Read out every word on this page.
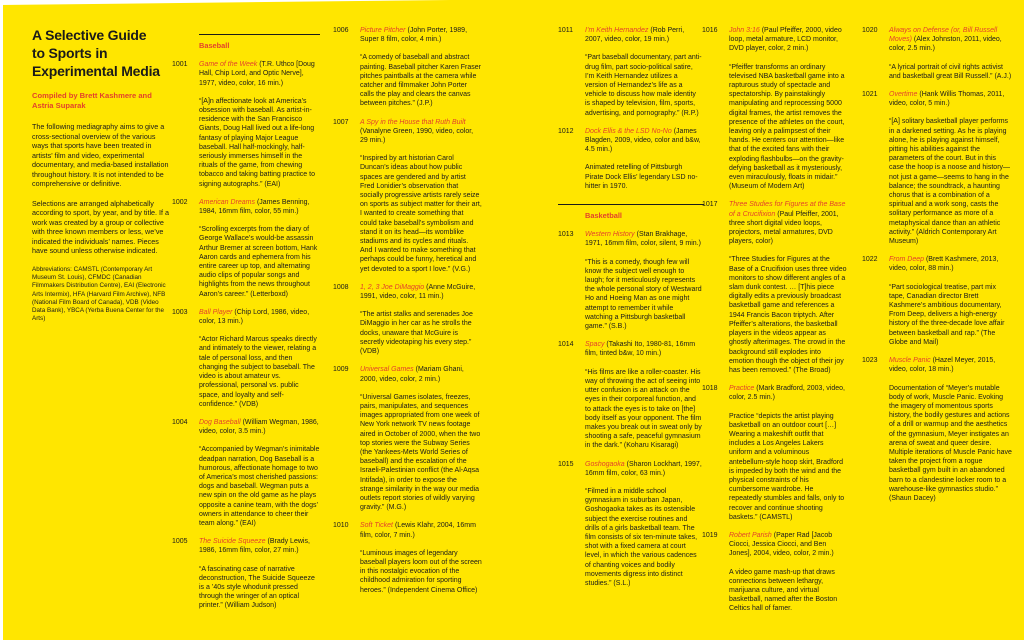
A Selective Guide
to Sports in
Experimental Media

Compiled by Brett Kashmere and Astria Suparak

The following mediagraphy aims to give a cross-sectional overview of the various ways that sports have been treated in artists’ film and video, experimental documentary, and media-based installation throughout history. It is not intended to be comprehensive or definitive.

Selections are arranged alphabetically according to sport, by year, and by title. If a work was created by a group or collective with three known members or less, we’ve indicated the individuals’ names. Pieces have sound unless otherwise indicated.

Abbreviations: CAMSTL (Contemporary Art Museum St. Louis), CFMDC (Canadian Filmmakers Distribution Centre), EAI (Electronic Arts Intermix), HFA (Harvard Film Archive), NFB (National Film Board of Canada), VDB (Video Data Bank), YBCA (Yerba Buena Center for the Arts)

Baseball
1001	Game of the Week (T.R. Uthco [Doug Hall, Chip Lord, and Optic Nerve], 1977, video, color, 16 min.)

“[A]n affectionate look at America’s obsession with baseball. As artist-in-residence with the San Francisco Giants, Doug Hall lived out a life-long fantasy of playing Major League baseball. Hall half-mockingly, half-seriously immerses himself in the rituals of the game, from chewing tobacco and taking batting practice to signing autographs.” (EAI)

1002	American Dreams (James Benning, 1984, 16mm film, color, 55 min.)

“Scrolling excerpts from the diary of George Wallace’s would-be assassin Arthur Bremer at screen bottom, Hank Aaron cards and ephemera from his entire career up top, and alternating audio clips of popular songs and highlights from the news throughout Aaron’s career.” (Letterboxd)

1003	Ball Player (Chip Lord, 1986, video, color, 13 min.)

“Actor Richard Marcus speaks directly and intimately to the viewer, relating a tale of personal loss, and then changing the subject to baseball. The video is about amateur vs. professional, personal vs. public space, and loyalty and self-confidence.” (VDB)

1004	Dog Baseball (William Wegman, 1986, video, color, 3.5 min.)

“Accompanied by Wegman’s inimitable deadpan narration, Dog Baseball is a humorous, affectionate homage to two of America’s most cherished passions: dogs and baseball. Wegman puts a new spin on the old game as he plays opposite a canine team, with the dogs’ owners in attendance to cheer their team along.” (EAI)

1005	The Suicide Squeeze (Brady Lewis, 1986, 16mm film, color, 27 min.)

“A fascinating case of narrative deconstruction, The Suicide Squeeze is a ’40s style whodunit pressed through the wringer of an optical printer.” (William Judson)

1006	Picture Pitcher (John Porter, 1989, Super 8 film, color, 4 min.)

“A comedy of baseball and abstract painting. Baseball pitcher Karen Fraser pitches paintballs at the camera while catcher and filmmaker John Porter calls the play and clears the canvas between pitches.” (J.P.)

1007	A Spy in the House that Ruth Built (Vanalyne Green, 1990, video, color, 29 min.)

“Inspired by art historian Carol Duncan’s ideas about how public spaces are gendered and by artist Fred Lonidier’s observation that socially progressive artists rarely seize on sports as subject matter for their art, I wanted to create something that could take baseball’s symbolism and stand it on its head—its womblike stadiums and its cycles and rituals. And I wanted to make something that perhaps could be funny, heretical and yet devoted to a sport I love.” (V.G.)

1008	1, 2, 3 Joe DiMaggio (Anne McGuire, 1991, video, color, 11 min.)

“The artist stalks and serenades Joe DiMaggio in her car as he strolls the docks, unaware that McGuire is secretly videotaping his every step.” (VDB)

1009	Universal Games (Mariam Ghani, 2000, video, color, 2 min.)

“Universal Games isolates, freezes, pairs, manipulates, and sequences images appropriated from one week of New York network TV news footage aired in October of 2000, when the two top stories were the Subway Series (the Yankees-Mets World Series of baseball) and the escalation of the Israeli-Palestinian conflict (the Al-Aqsa Intifada), in order to expose the strange similarity in the way our media outlets report stories of wildly varying gravity.” (M.G.)

1010	Soft Ticket (Lewis Klahr, 2004, 16mm film, color, 7 min.)

“Luminous images of legendary baseball players loom out of the screen in this nostalgic evocation of the childhood admiration for sporting heroes.” (Independent Cinema Office)

1011	I’m Keith Hernandez (Rob Perri, 2007, video, color, 19 min.)

“Part baseball documentary, part anti-drug film, part socio-political satire, I’m Keith Hernandez utilizes a version of Hernandez’s life as a vehicle to discuss how male identity is shaped by television, film, sports, advertising, and pornography.” (R.P.)

1012	Dock Ellis & the LSD No-No (James Blagden, 2009, video, color and b&w, 4.5 min.)

Animated retelling of Pittsburgh Pirate Dock Ellis’ legendary LSD no-hitter in 1970.

Basketball
1013	Western History (Stan Brakhage, 1971, 16mm film, color, silent, 9 min.)

“This is a comedy, though few will know the subject well enough to laugh; for it meticulously represents the whole personal story of Westward Ho and Hoeing Man as one might attempt to remember it while watching a Pittsburgh basketball game.” (S.B.)

1014	Spacy (Takashi Ito, 1980-81, 16mm film, tinted b&w, 10 min.)

“His films are like a roller-coaster. His way of throwing the act of seeing into utter confusion is an attack on the eyes in their corporeal function, and to attack the eyes is to take on [the] body itself as your opponent. The film makes you break out in sweat only by shooting a safe, peaceful gymnasium in the dark.” (Koharu Kisaragi)

1015	Goshogaoka (Sharon Lockhart, 1997, 16mm film, color, 63 min.)

“Filmed in a middle school gymnasium in suburban Japan, Goshogaoka takes as its ostensible subject the exercise routines and drills of a girls basketball team. The film consists of six ten-minute takes, shot with a fixed camera at court level, in which the various cadences of chanting voices and bodily movements digress into distinct studies.” (S.L.)

1016	John 3:16 (Paul Pfeiffer, 2000, video loop, metal armature, LCD monitor, DVD player, color, 2 min.)

“Pfeiffer transforms an ordinary televised NBA basketball game into a rapturous study of spectacle and spectatorship. By painstakingly manipulating and reprocessing 5000 digital frames, the artist removes the presence of the athletes on the court, leaving only a palimpsest of their hands. He centers our attention—like that of the excited fans with their exploding flashbulbs—on the gravity-defying basketball as it mysteriously, even miraculously, floats in midair.” (Museum of Modern Art)

1017	Three Studies for Figures at the Base of a Crucifixion (Paul Pfeiffer, 2001, three short digital video loops, projectors, metal armatures, DVD players, color)

“Three Studies for Figures at the Base of a Crucifixion uses three video monitors to show different angles of a slam dunk contest. … [T]his piece digitally edits a previously broadcast basketball game and references a 1944 Francis Bacon triptych. After Pfeiffer’s alterations, the basketball players in the videos appear as ghostly afterimages. The crowd in the background still explodes into emotion though the object of their joy has been removed.” (The Broad)

1018	Practice (Mark Bradford, 2003, video, color, 2.5 min.)

Practice “depicts the artist playing basketball on an outdoor court […] Wearing a makeshift outfit that includes a Los Angeles Lakers uniform and a voluminous antebellum-style hoop skirt, Bradford is impeded by both the wind and the physical constraints of his cumbersome wardrobe. He repeatedly stumbles and falls, only to recover and continue shooting baskets.” (CAMSTL)

1019	Robert Parish (Paper Rad [Jacob Ciocci, Jessica Ciocci, and Ben Jones], 2004, video, color, 2 min.)

A video game mash-up that draws connections between lethargy, marijuana culture, and virtual basketball, named after the Boston Celtics hall of famer.

1020	Always on Defense (or, Bill Russell Moves) (Alex Johnston, 2011, video, color, 2.5 min.)

“A lyrical portrait of civil rights activist and basketball great Bill Russell.” (A.J.)

1021	Overtime (Hank Willis Thomas, 2011, video, color, 5 min.)

“[A] solitary basketball player performs in a darkened setting. As he is playing alone, he is playing against himself, pitting his abilities against the parameters of the court. But in this case the hoop is a noose and history—not just a game—seems to hang in the balance; the soundtrack, a haunting chorus that is a combination of a spiritual and a work song, casts the solitary performance as more of a metaphysical dance than an athletic activity.” (Aldrich Contemporary Art Museum)

1022	From Deep (Brett Kashmere, 2013, video, color, 88 min.)

“Part sociological treatise, part mix tape, Canadian director Brett Kashmere’s ambitious documentary, From Deep, delivers a high-energy history of the three-decade love affair between basketball and rap.” (The Globe and Mail)

1023	Muscle Panic (Hazel Meyer, 2015, video, color, 18 min.)

Documentation of “Meyer’s mutable body of work, Muscle Panic. Evoking the imagery of momentous sports history, the bodily gestures and actions of a drill or warmup and the aesthetics of the gymnasium, Meyer instigates an arena of sweat and queer desire. Multiple iterations of Muscle Panic have taken the project from a rogue basketball gym built in an abandoned barn to a clandestine locker room to a warehouse-like gymnastics studio.” (Shaun Dacey)
